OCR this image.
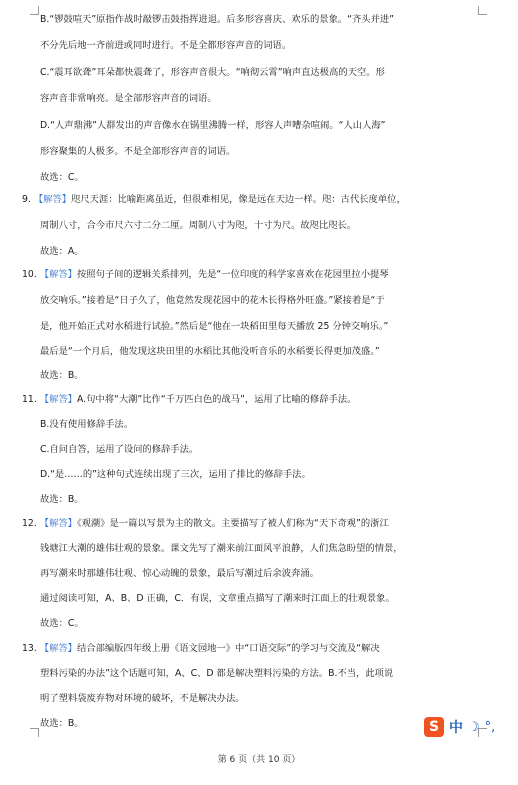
B.“锣鼓喧天”原指作战时敲锣击鼓指挥进退。后多形容喜庆、欢乐的景象。“齐头并进”

不分先后地一齐前进或同时进行。不是全都形容声音的词语。

C.“震耳欲聋”耳朵都快震聋了，形容声音很大。“响彻云霄”响声直达极高的天空。形

容声音非常响亮。是全部形容声音的词语。

D.“人声鼎沸”人群发出的声音像水在锅里沸腾一样，形容人声嘈杂喧闹。“人山人海”

形容聚集的人极多。不是全部形容声音的词语。

故选：C。

9. 【解答】咫尺天涯：比喻距离虽近，但很难相见，像是远在天边一样。咫：古代长度单位，

周制八寸，合今市尺六寸二分二厘。周制八寸为咫，十寸为尺。故咫比咫长。

故选：A。

10. 【解答】按照句子间的逻辑关系排列，先是“一位印度的科学家喜欢在花园里拉小提琴

放交响乐。”接着是“日子久了，他竟然发现花园中的花木长得格外旺盛。”紧接着是“于

是，他开始正式对水稻进行试验。”然后是“他在一块稻田里每天播放 25 分钟交响乐。”

最后是“一个月后，他发现这块田里的水稻比其他没听音乐的水稻要长得更加茂盛。”

故选：B。

11. 【解答】A.句中将“大潮”比作“千万匹白色的战马”，运用了比喻的修辞手法。

B.没有使用修辞手法。

C.自问自答，运用了设问的修辞手法。

D.“是……的”这种句式连续出现了三次，运用了排比的修辞手法。

故选：B。

12. 【解答】《观潮》是一篇以写景为主的散文。主要描写了被人们称为“天下奇观”的浙江

钱塘江大潮的雄伟壮观的景象。课文先写了潮来前江面风平浪静，人们焦急盼望的情景，

再写潮来时那雄伟壮观、惊心动魄的景象，最后写潮过后余波奔涌。

通过阅读可知，A、B、D 正确，C．有误，文章重点描写了潮来时江面上的壮观景象。

故选：C。

13. 【解答】结合部编版四年级上册《语文园地一》中“口语交际”的学习与交流及“解决

塑料污染的办法”这个话题可知，A、C、D 都是解决塑料污染的方法。B.不当，此项说

明了塑料袋废弃物对环境的破坏，不是解决办法。

故选：B。

第 6 页（共 10 页）
S 中 ☽ °,
